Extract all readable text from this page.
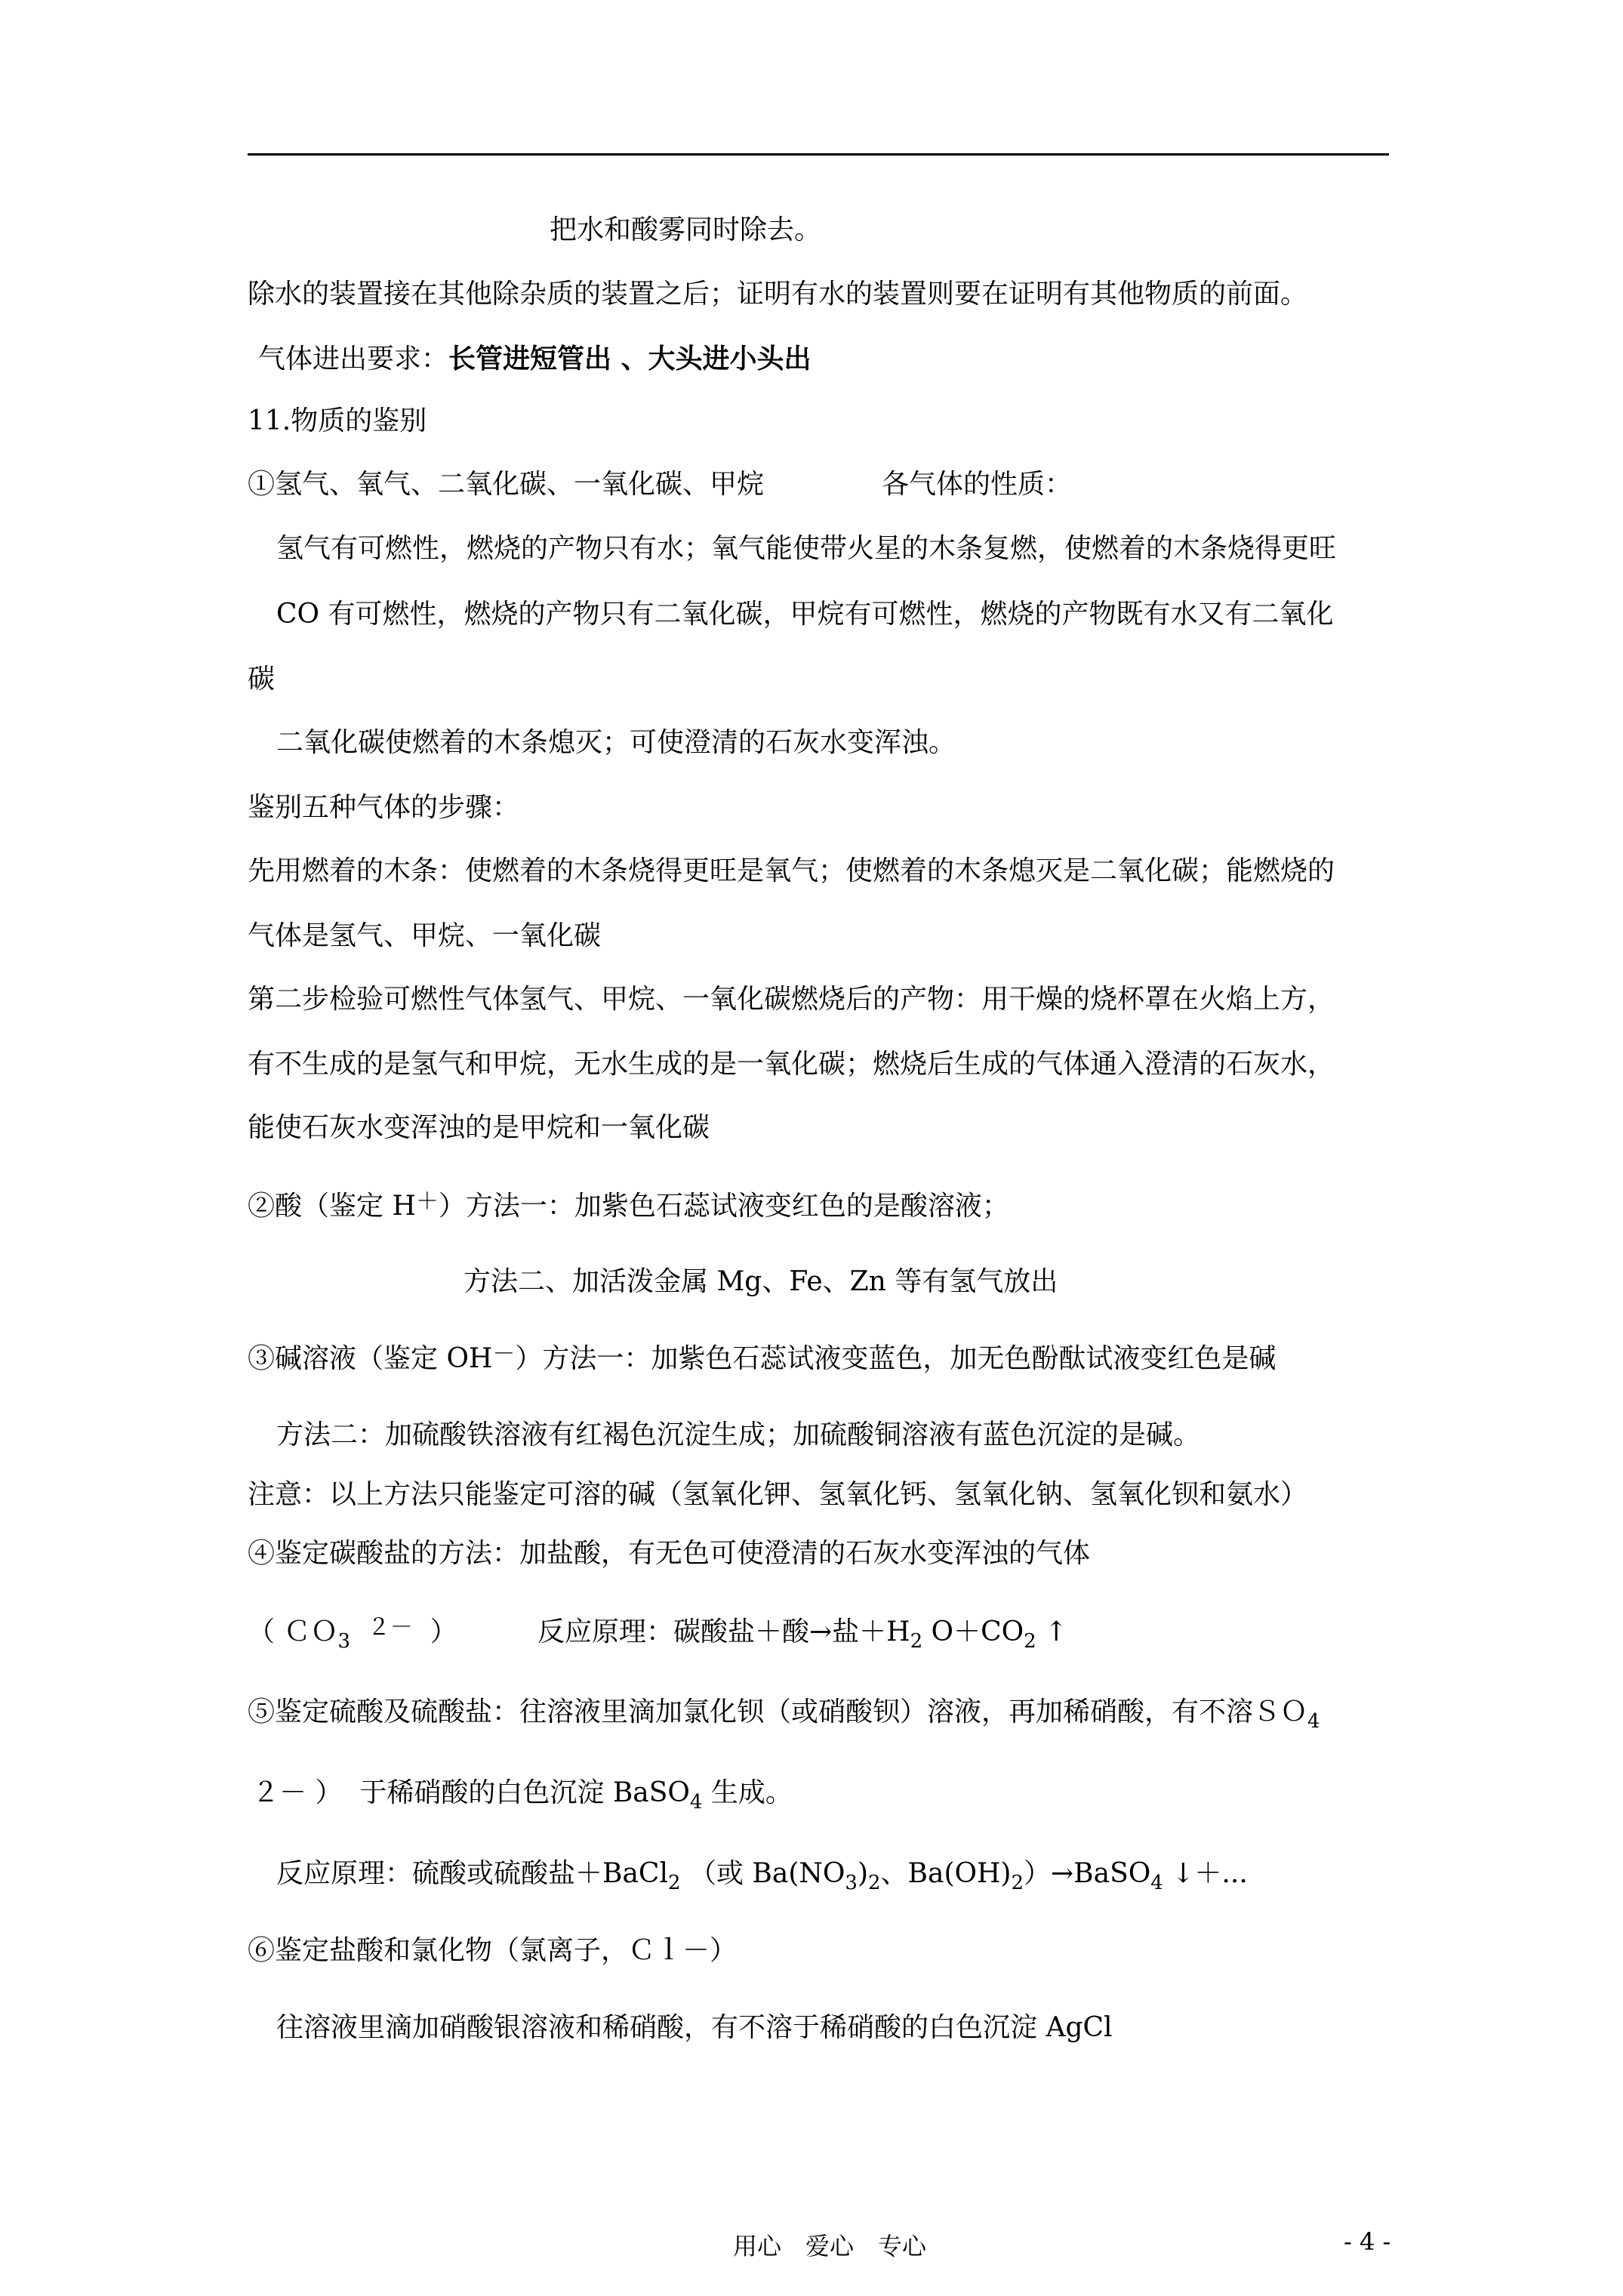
把水和酸雾同时除去。
除水的装置接在其他除杂质的装置之后；证明有水的装置则要在证明有其他物质的前面。
气体进出要求：长管进短管出 、大头进小头出
11.物质的鉴别
①氢气、氧气、二氧化碳、一氧化碳、甲烷	各气体的性质：
氢气有可燃性，燃烧的产物只有水；氧气能使带火星的木条复燃，使燃着的木条烧得更旺
CO 有可燃性，燃烧的产物只有二氧化碳，甲烷有可燃性，燃烧的产物既有水又有二氧化
碳
二氧化碳使燃着的木条熄灭；可使澄清的石灰水变浑浊。
鉴别五种气体的步骤：
先用燃着的木条：使燃着的木条烧得更旺是氧气；使燃着的木条熄灭是二氧化碳；能燃烧的
气体是氢气、甲烷、一氧化碳
第二步检验可燃性气体氢气、甲烷、一氧化碳燃烧后的产物：用干燥的烧杯罩在火焰上方，
有不生成的是氢气和甲烷，无水生成的是一氧化碳；燃烧后生成的气体通入澄清的石灰水，
能使石灰水变浑浊的是甲烷和一氧化碳
②酸（鉴定 H＋）方法一：加紫色石蕊试液变红色的是酸溶液；
方法二、加活泼金属 Mg、Fe、Zn 等有氢气放出
③碱溶液（鉴定 OH－）方法一：加紫色石蕊试液变蓝色，加无色酚酞试液变红色是碱
方法二：加硫酸铁溶液有红褐色沉淀生成；加硫酸铜溶液有蓝色沉淀的是碱。
注意：以上方法只能鉴定可溶的碱（氢氧化钾、氢氧化钙、氢氧化钠、氢氧化钡和氨水）
④鉴定碳酸盐的方法：加盐酸，有无色可使澄清的石灰水变浑浊的气体
（ ＣＯ$_3$  $^{2-}$ ）	反应原理：碳酸盐＋酸→盐$+H_2$ $O+CO_2$ ↑
⑤鉴定硫酸及硫酸盐：往溶液里滴加氯化钡（或硝酸钡）溶液，再加稀硝酸，有不溶ＳＯ$_4$
２－ ） 于稀硝酸的白色沉淀 BaSO$_4$ 生成。
反应原理：硫酸或硫酸盐＋BaCl$_2$ （或 $Ba(NO_3)_2$、$Ba(OH)_2)\to BaSO_4$ ↓＋...
⑥鉴定盐酸和氯化物（氯离子，Ｃｌ－）
往溶液里滴加硝酸银溶液和稀硝酸，有不溶于稀硝酸的白色沉淀 AgCl
用心　爱心　专心	- 4 -
